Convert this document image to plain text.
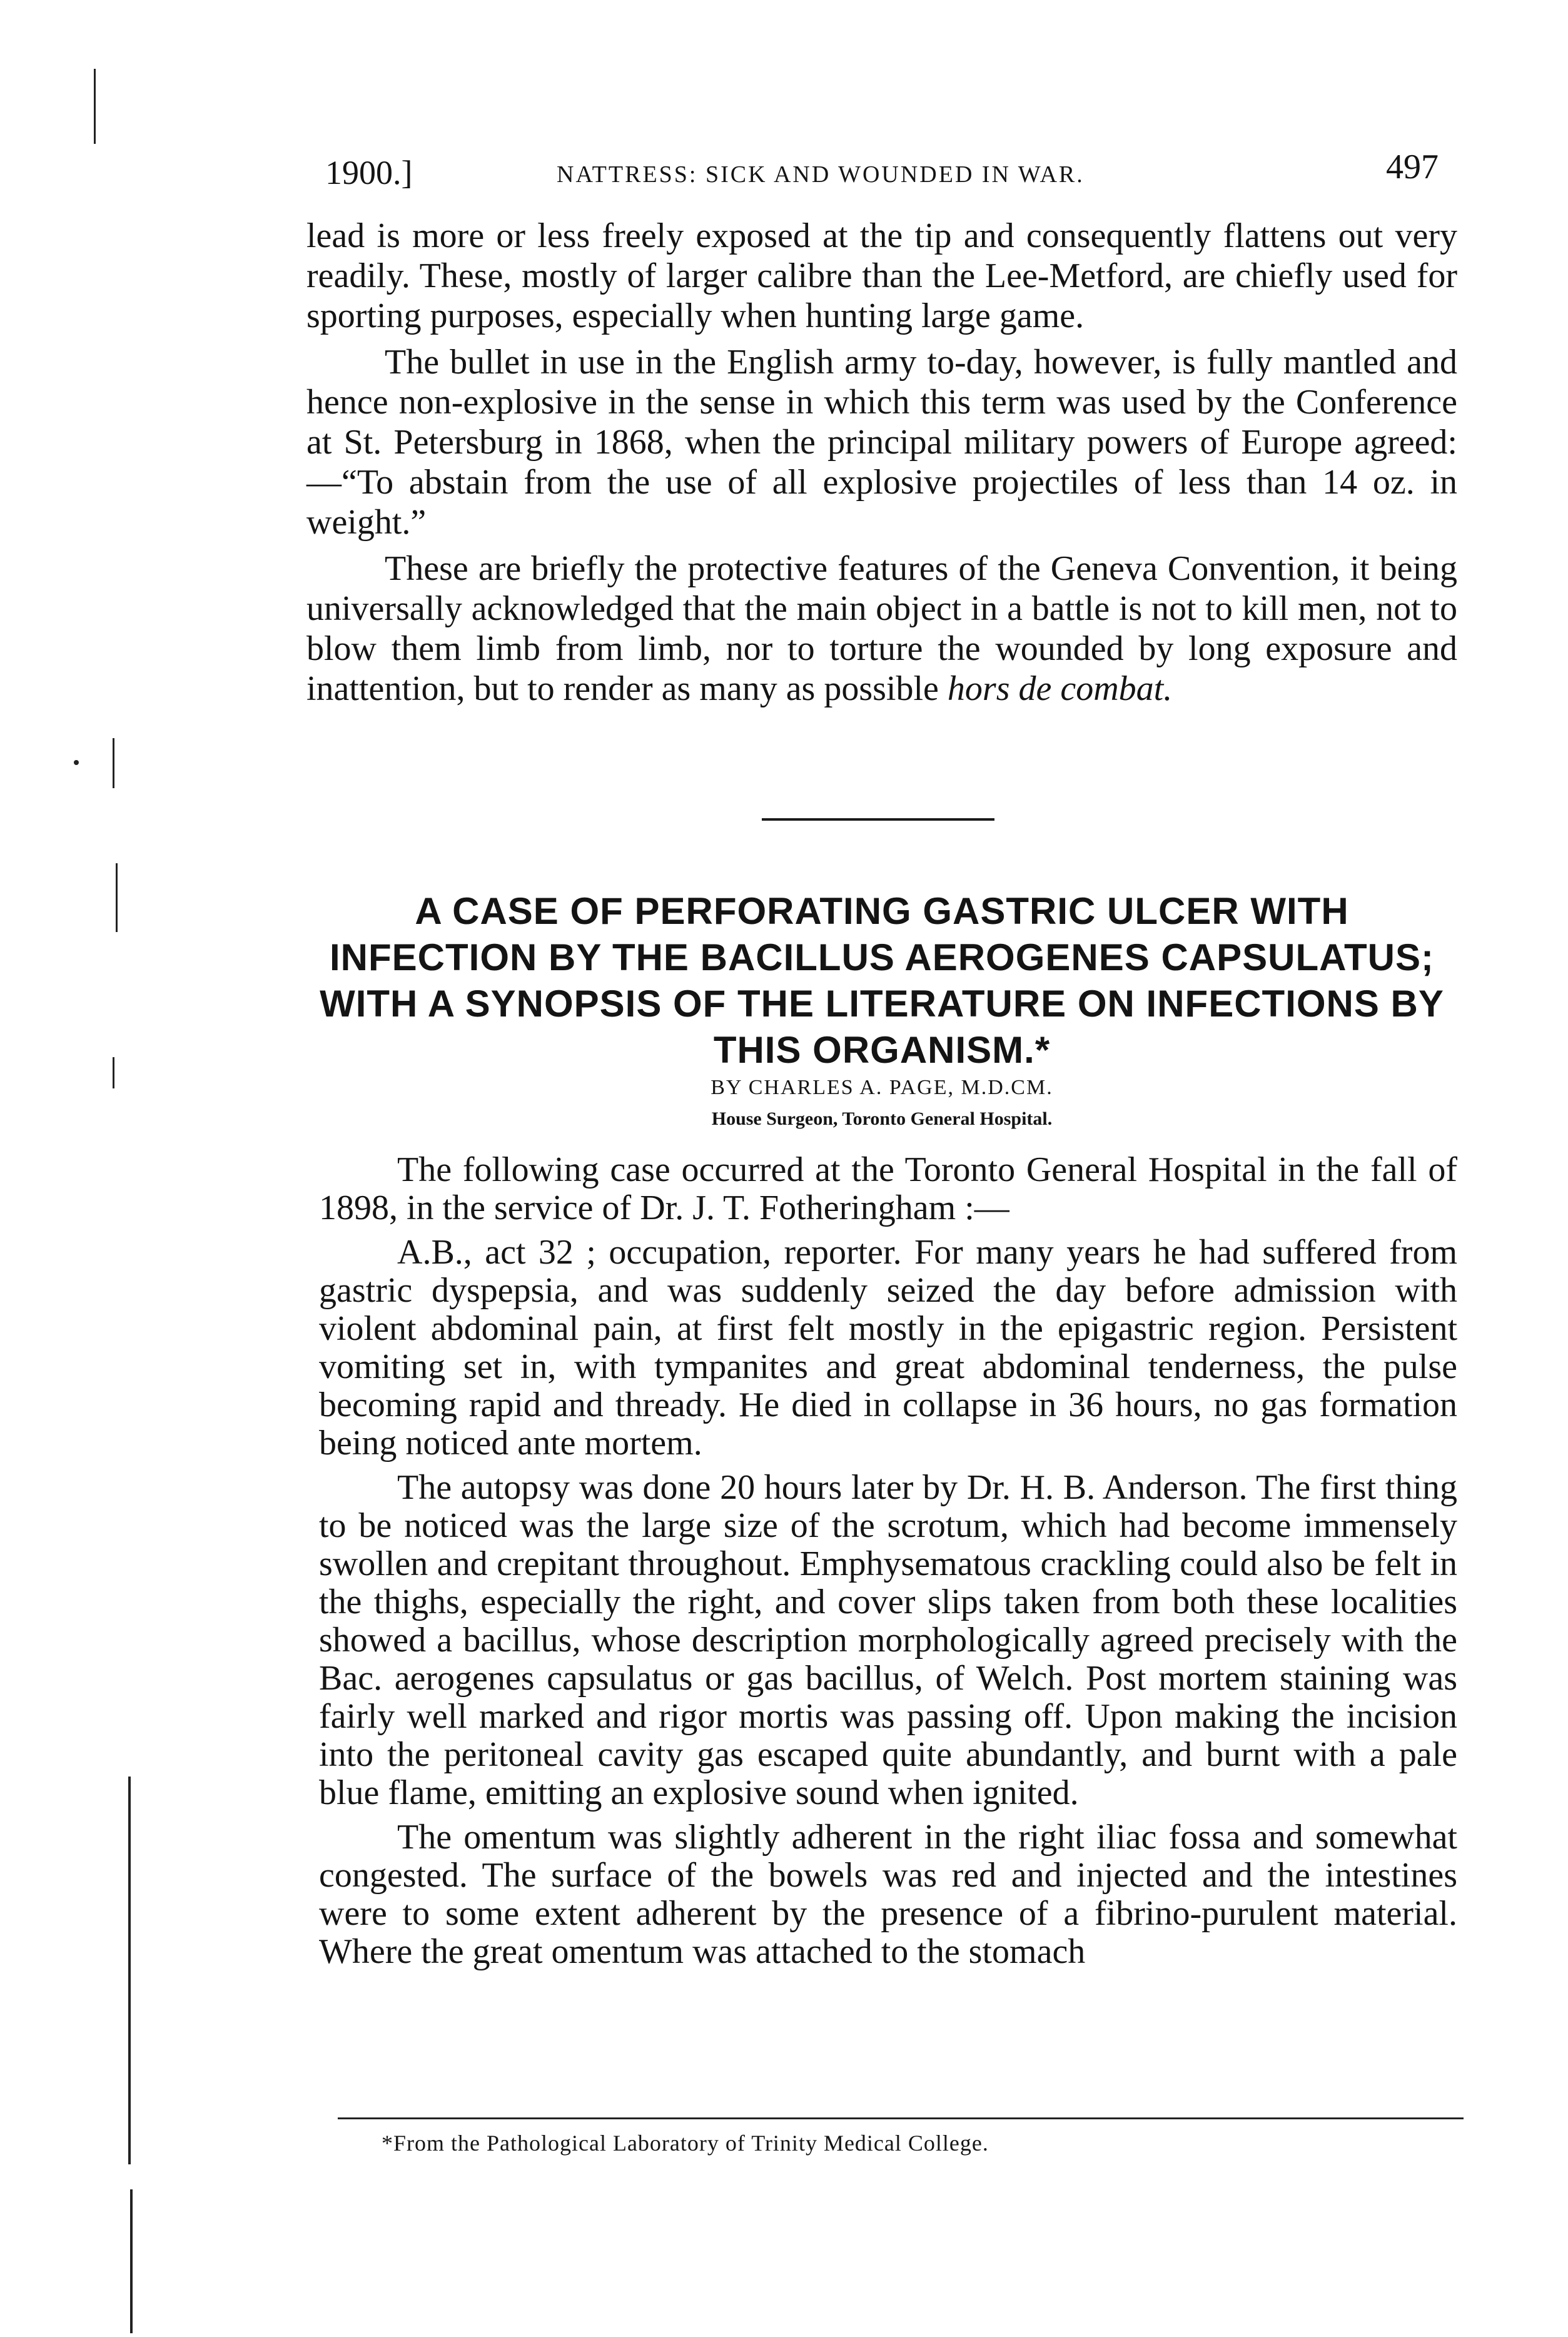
1900.]	NATTRESS: SICK AND WOUNDED IN WAR.	497

lead is more or less freely exposed at the tip and consequently flattens out very readily. These, mostly of larger calibre than the Lee-Metford, are chiefly used for sporting purposes, especially when hunting large game.

The bullet in use in the English army to-day, however, is fully mantled and hence non-explosive in the sense in which this term was used by the Conference at St. Petersburg in 1868, when the principal military powers of Europe agreed:—“To abstain from the use of all explosive projectiles of less than 14 oz. in weight.”

These are briefly the protective features of the Geneva Convention, it being universally acknowledged that the main object in a battle is not to kill men, not to blow them limb from limb, nor to torture the wounded by long exposure and inattention, but to render as many as possible hors de combat.

A CASE OF PERFORATING GASTRIC ULCER WITH INFECTION BY THE BACILLUS AEROGENES CAPSULATUS; WITH A SYNOPSIS OF THE LITERATURE ON INFECTIONS BY THIS ORGANISM.*
BY CHARLES A. PAGE, M.D.CM.
House Surgeon, Toronto General Hospital.

The following case occurred at the Toronto General Hospital in the fall of 1898, in the service of Dr. J. T. Fotheringham :—

A.B., act 32 ; occupation, reporter. For many years he had suffered from gastric dyspepsia, and was suddenly seized the day before admission with violent abdominal pain, at first felt mostly in the epigastric region. Persistent vomiting set in, with tympanites and great abdominal tenderness, the pulse becoming rapid and thready. He died in collapse in 36 hours, no gas formation being noticed ante mortem.

The autopsy was done 20 hours later by Dr. H. B. Anderson. The first thing to be noticed was the large size of the scrotum, which had become immensely swollen and crepitant throughout. Emphysematous crackling could also be felt in the thighs, especially the right, and cover slips taken from both these localities showed a bacillus, whose description morphologically agreed precisely with the Bac. aerogenes capsulatus or gas bacillus, of Welch. Post mortem staining was fairly well marked and rigor mortis was passing off. Upon making the incision into the peritoneal cavity gas escaped quite abundantly, and burnt with a pale blue flame, emitting an explosive sound when ignited.

The omentum was slightly adherent in the right iliac fossa and somewhat congested. The surface of the bowels was red and injected and the intestines were to some extent adherent by the presence of a fibrino-purulent material. Where the great omentum was attached to the stomach

*From the Pathological Laboratory of Trinity Medical College.
